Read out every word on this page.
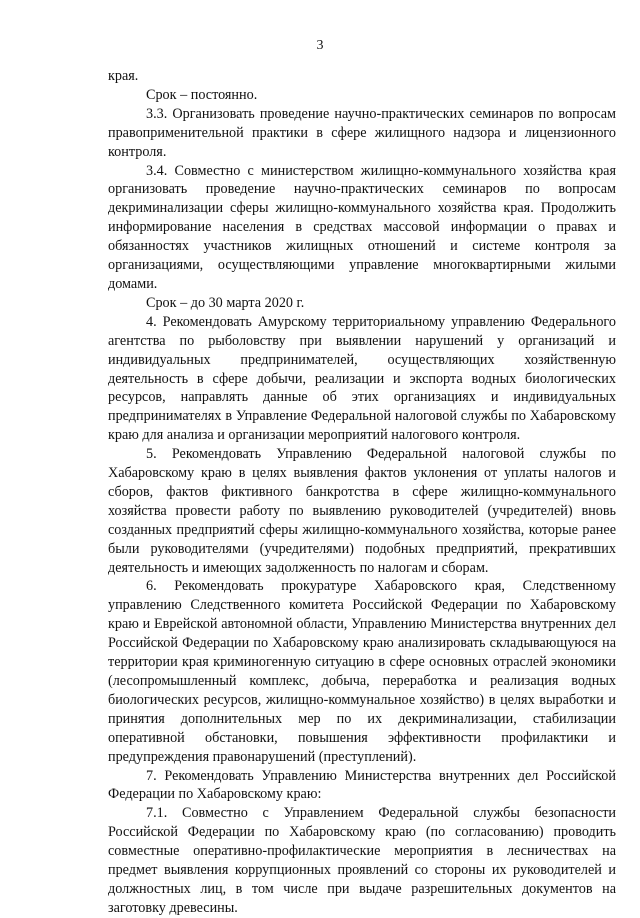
3

края.

Срок – постоянно.

3.3. Организовать проведение научно-практических семинаров по вопросам правоприменительной практики в сфере жилищного надзора и лицензионного контроля.

3.4. Совместно с министерством жилищно-коммунального хозяйства края организовать проведение научно-практических семинаров по вопросам декриминализации сферы жилищно-коммунального хозяйства края. Продолжить информирование населения в средствах массовой информации о правах и обязанностях участников жилищных отношений и системе контроля за организациями, осуществляющими управление многоквартирными жилыми домами.

Срок – до 30 марта 2020 г.

4. Рекомендовать Амурскому территориальному управлению Федерального агентства по рыболовству при выявлении нарушений у организаций и индивидуальных предпринимателей, осуществляющих хозяйственную деятельность в сфере добычи, реализации и экспорта водных биологических ресурсов, направлять данные об этих организациях и индивидуальных предпринимателях в Управление Федеральной налоговой службы по Хабаровскому краю для анализа и организации мероприятий налогового контроля.

5. Рекомендовать Управлению Федеральной налоговой службы по Хабаровскому краю в целях выявления фактов уклонения от уплаты налогов и сборов, фактов фиктивного банкротства в сфере жилищно-коммунального хозяйства провести работу по выявлению руководителей (учредителей) вновь созданных предприятий сферы жилищно-коммунального хозяйства, которые ранее были руководителями (учредителями) подобных предприятий, прекративших деятельность и имеющих задолженность по налогам и сборам.

6. Рекомендовать прокуратуре Хабаровского края, Следственному управлению Следственного комитета Российской Федерации по Хабаровскому краю и Еврейской автономной области, Управлению Министерства внутренних дел Российской Федерации по Хабаровскому краю анализировать складывающуюся на территории края криминогенную ситуацию в сфере основных отраслей экономики (лесопромышленный комплекс, добыча, переработка и реализация водных биологических ресурсов, жилищно-коммунальное хозяйство) в целях выработки и принятия дополнительных мер по их декриминализации, стабилизации оперативной обстановки, повышения эффективности профилактики и предупреждения правонарушений (преступлений).

7. Рекомендовать Управлению Министерства внутренних дел Российской Федерации по Хабаровскому краю:

7.1. Совместно с Управлением Федеральной службы безопасности Российской Федерации по Хабаровскому краю (по согласованию) проводить совместные оперативно-профилактические мероприятия в лесничествах на предмет выявления коррупционных проявлений со стороны их руководителей и должностных лиц, в том числе при выдаче разрешительных документов на заготовку древесины.
